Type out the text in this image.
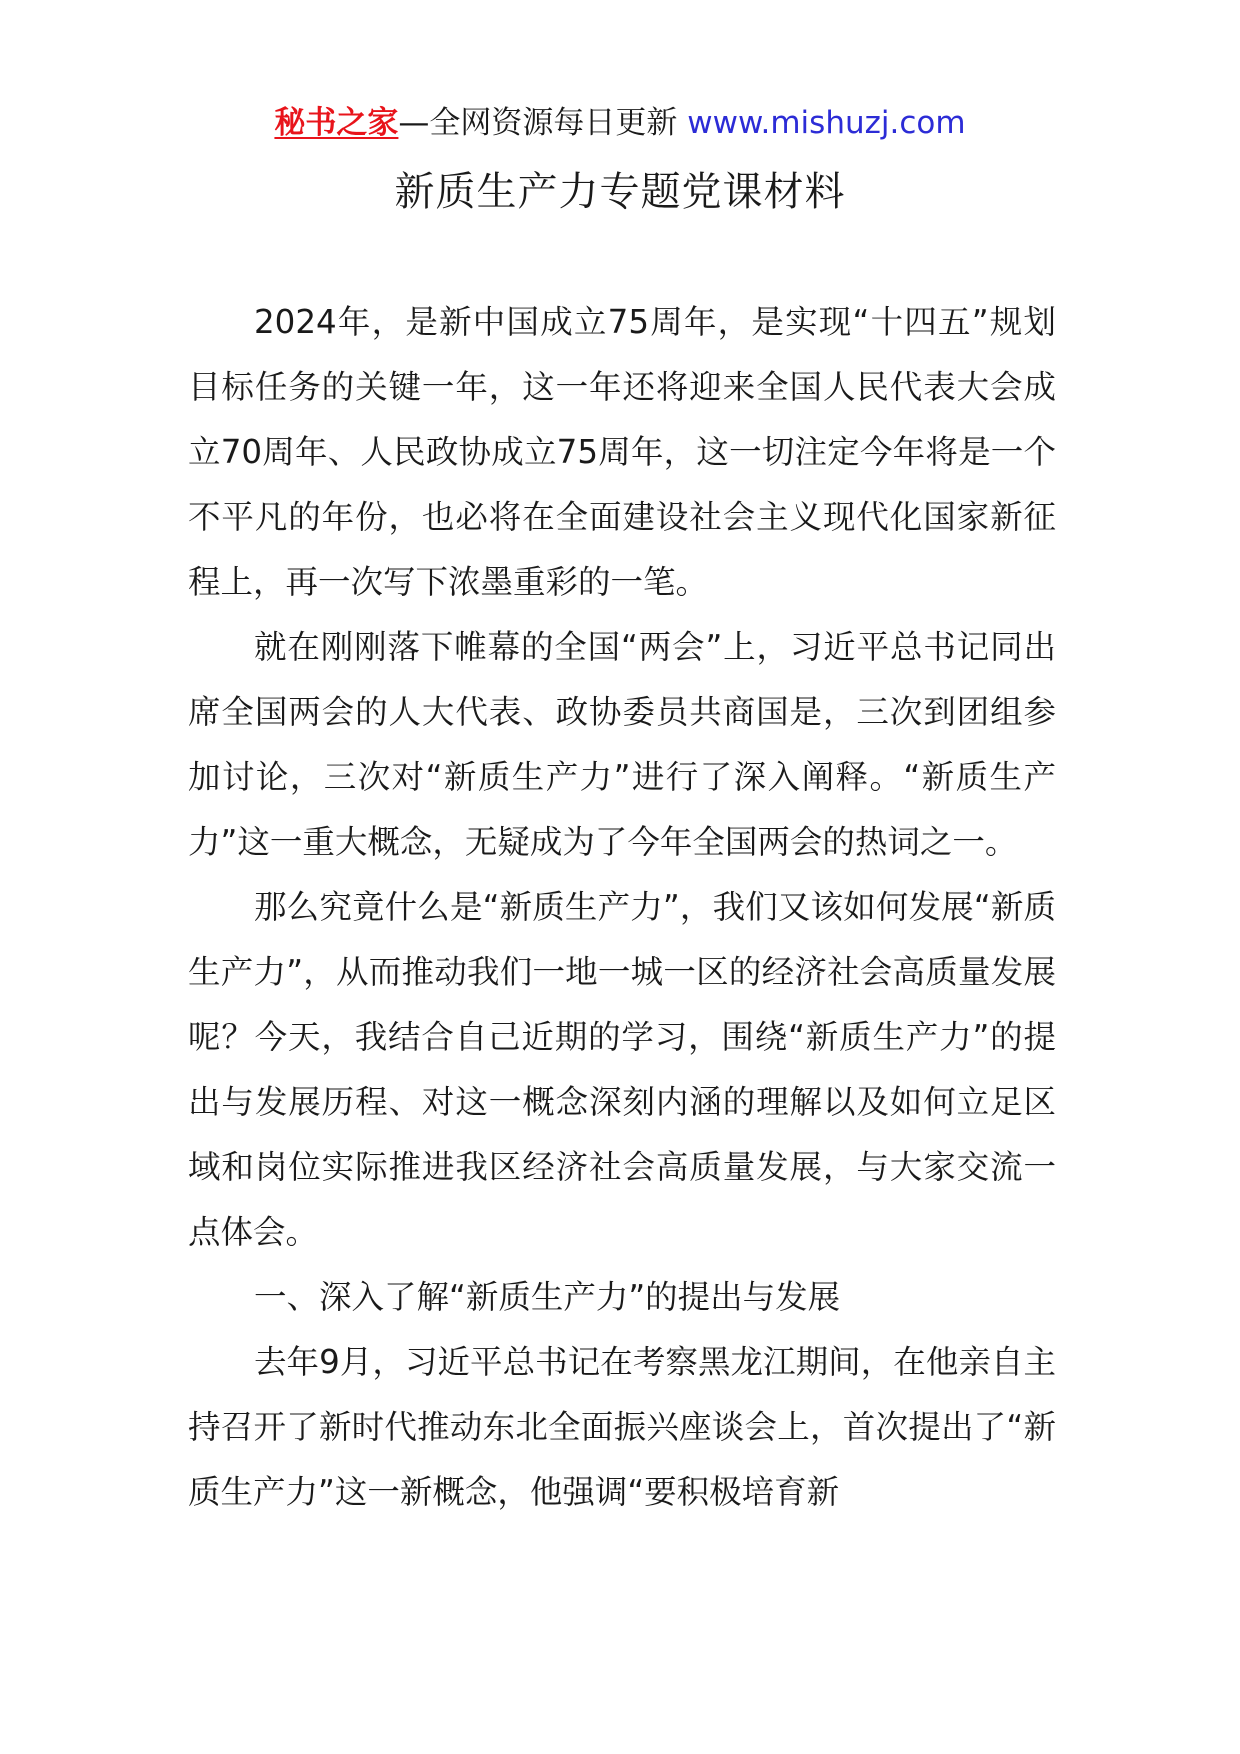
秘书之家—全网资源每日更新 www.mishuzj.com
新质生产力专题党课材料

2024年，是新中国成立75周年，是实现“十四五”规划目标任务的关键一年，这一年还将迎来全国人民代表大会成立70周年、人民政协成立75周年，这一切注定今年将是一个不平凡的年份，也必将在全面建设社会主义现代化国家新征程上，再一次写下浓墨重彩的一笔。

就在刚刚落下帷幕的全国“两会”上，习近平总书记同出席全国两会的人大代表、政协委员共商国是，三次到团组参加讨论，三次对“新质生产力”进行了深入阐释。“新质生产力”这一重大概念，无疑成为了今年全国两会的热词之一。

那么究竟什么是“新质生产力”，我们又该如何发展“新质生产力”，从而推动我们一地一城一区的经济社会高质量发展呢？今天，我结合自己近期的学习，围绕“新质生产力”的提出与发展历程、对这一概念深刻内涵的理解以及如何立足区域和岗位实际推进我区经济社会高质量发展，与大家交流一点体会。

一、深入了解“新质生产力”的提出与发展

去年9月，习近平总书记在考察黑龙江期间，在他亲自主持召开了新时代推动东北全面振兴座谈会上，首次提出了“新质生产力”这一新概念，他强调“要积极培育新
